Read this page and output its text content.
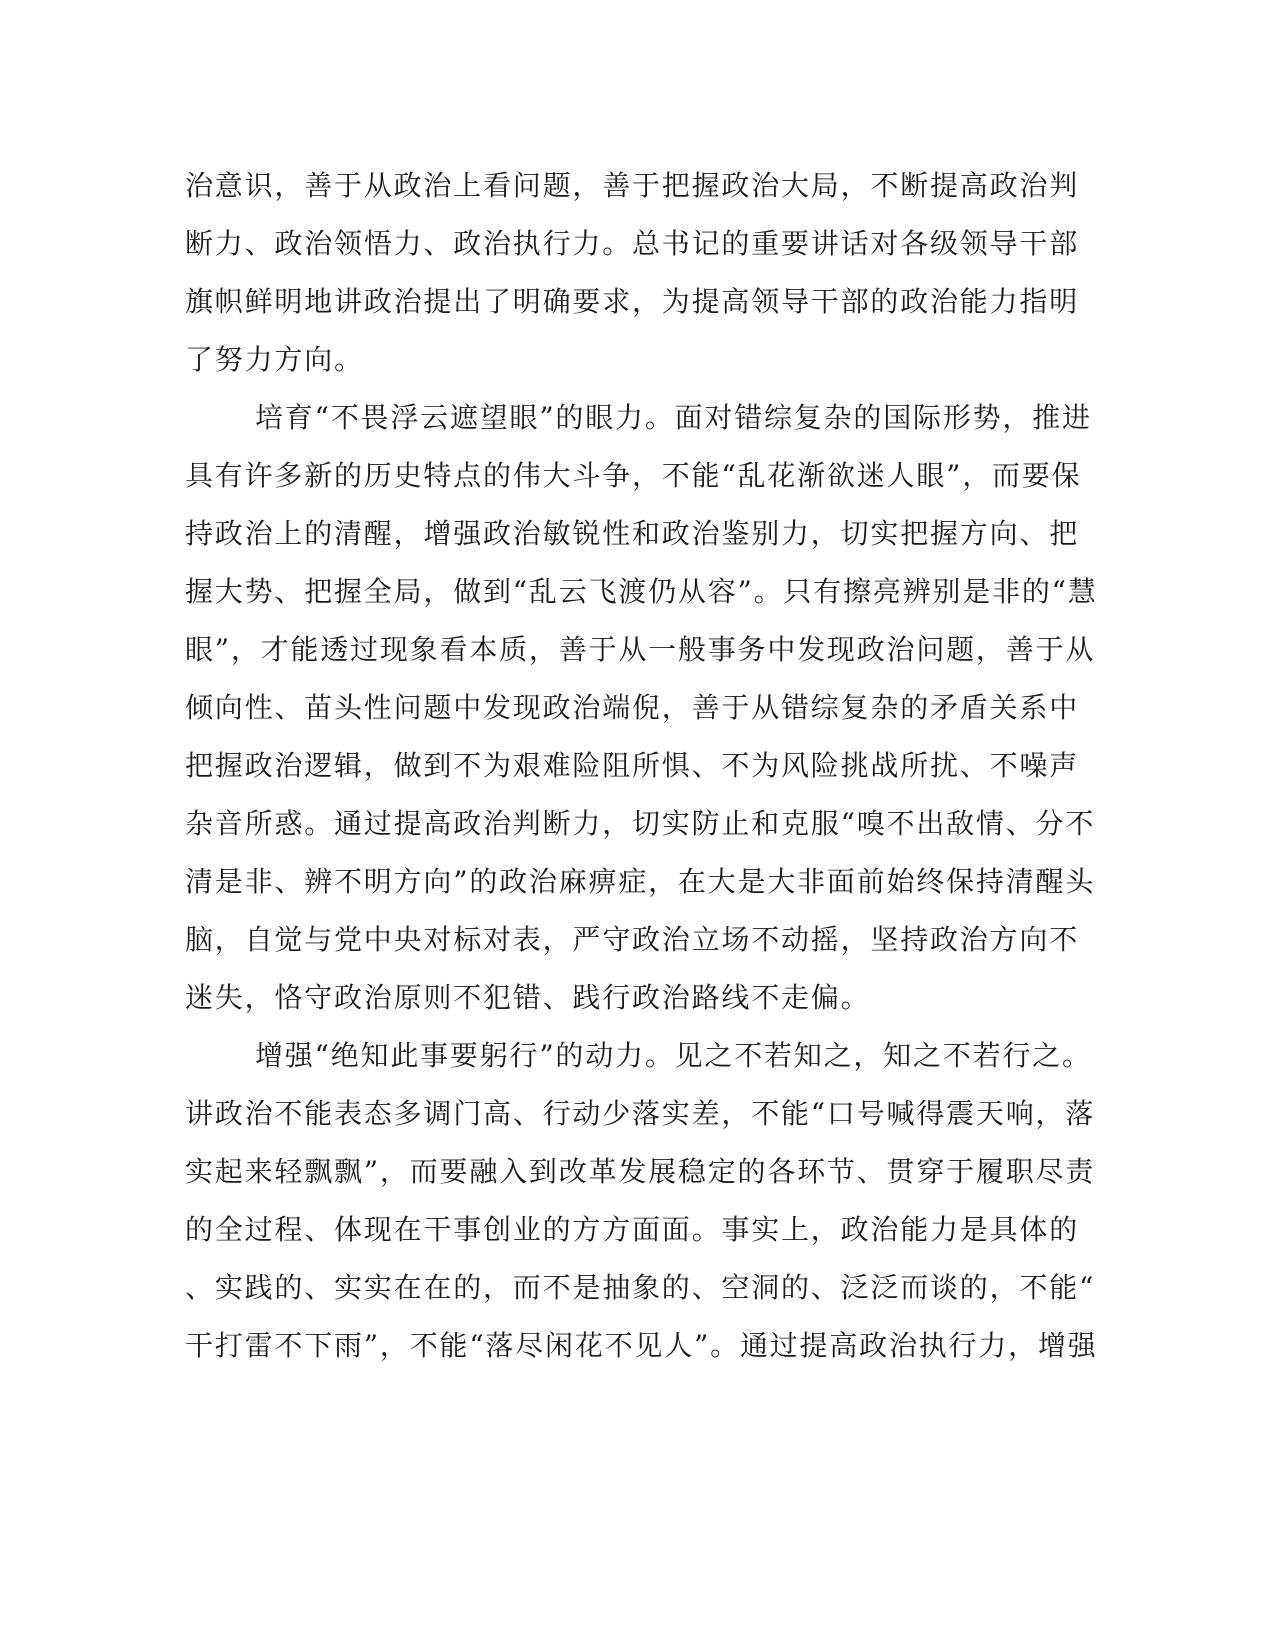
治意识，善于从政治上看问题，善于把握政治大局，不断提高政治判
断力、政治领悟力、政治执行力。总书记的重要讲话对各级领导干部
旗帜鲜明地讲政治提出了明确要求，为提高领导干部的政治能力指明
了努力方向。
培育“不畏浮云遮望眼”的眼力。面对错综复杂的国际形势，推进
具有许多新的历史特点的伟大斗争，不能“乱花渐欲迷人眼”，而要保
持政治上的清醒，增强政治敏锐性和政治鉴别力，切实把握方向、把
握大势、把握全局，做到“乱云飞渡仍从容”。只有擦亮辨别是非的“慧
眼”，才能透过现象看本质，善于从一般事务中发现政治问题，善于从
倾向性、苗头性问题中发现政治端倪，善于从错综复杂的矛盾关系中
把握政治逻辑，做到不为艰难险阻所惧、不为风险挑战所扰、不噪声
杂音所惑。通过提高政治判断力，切实防止和克服“嗅不出敌情、分不
清是非、辨不明方向”的政治麻痹症，在大是大非面前始终保持清醒头
脑，自觉与党中央对标对表，严守政治立场不动摇，坚持政治方向不
迷失，恪守政治原则不犯错、践行政治路线不走偏。
增强“绝知此事要躬行”的动力。见之不若知之，知之不若行之。
讲政治不能表态多调门高、行动少落实差，不能“口号喊得震天响，落
实起来轻飘飘”，而要融入到改革发展稳定的各环节、贯穿于履职尽责
的全过程、体现在干事创业的方方面面。事实上，政治能力是具体的
、实践的、实实在在的，而不是抽象的、空洞的、泛泛而谈的，不能“
干打雷不下雨”，不能“落尽闲花不见人”。通过提高政治执行力，增强
